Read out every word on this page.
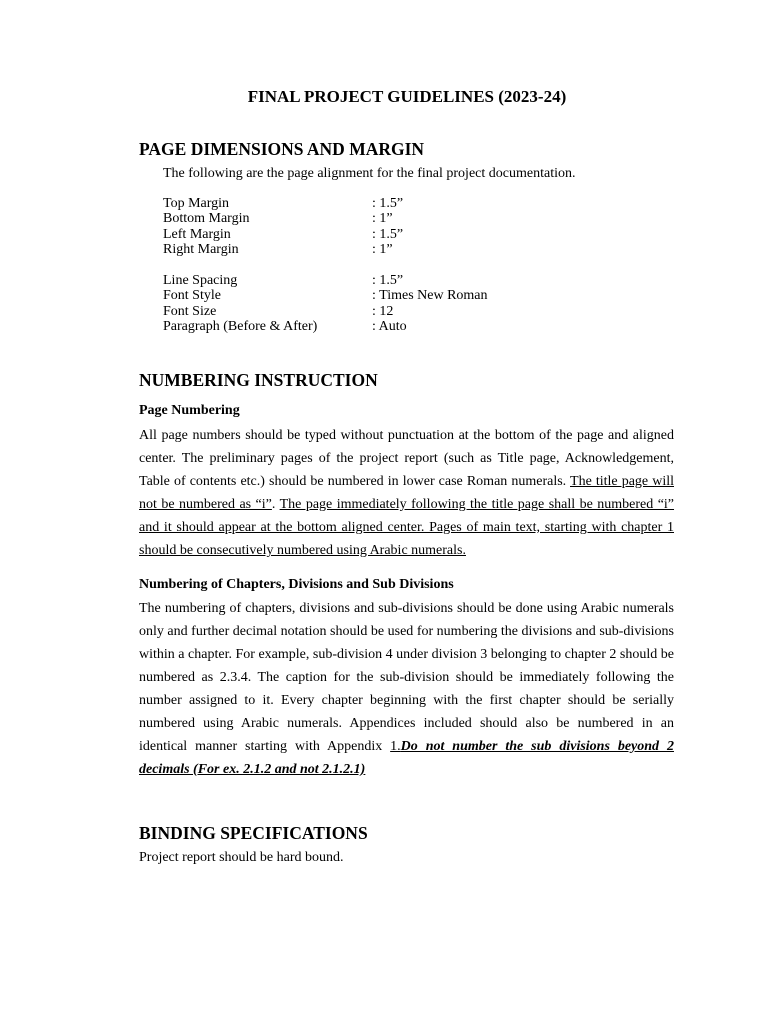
FINAL PROJECT GUIDELINES (2023-24)
PAGE DIMENSIONS AND MARGIN

The following are the page alignment for the final project documentation.

Top Margin	: 1.5”
Bottom Margin	: 1”
Left Margin	: 1.5”
Right Margin	: 1”
Line Spacing	: 1.5”
Font Style	: Times New Roman
Font Size	: 12
Paragraph (Before & After)	: Auto
NUMBERING INSTRUCTION
Page Numbering

All page numbers should be typed without punctuation at the bottom of the page and aligned center. The preliminary pages of the project report (such as Title page, Acknowledgement, Table of contents etc.) should be numbered in lower case Roman numerals. The title page will not be numbered as “i”. The page immediately following the title page shall be numbered “i” and it should appear at the bottom aligned center. Pages of main text, starting with chapter 1 should be consecutively numbered using Arabic numerals.

Numbering of Chapters, Divisions and Sub Divisions

The numbering of chapters, divisions and sub-divisions should be done using Arabic numerals only and further decimal notation should be used for numbering the divisions and sub-divisions within a chapter. For example, sub-division 4 under division 3 belonging to chapter 2 should be numbered as 2.3.4. The caption for the sub-division should be immediately following the number assigned to it. Every chapter beginning with the first chapter should be serially numbered using Arabic numerals. Appendices included should also be numbered in an identical manner starting with Appendix 1.Do not number the sub divisions beyond 2 decimals (For ex. 2.1.2 and not 2.1.2.1)

BINDING SPECIFICATIONS

Project report should be hard bound.
